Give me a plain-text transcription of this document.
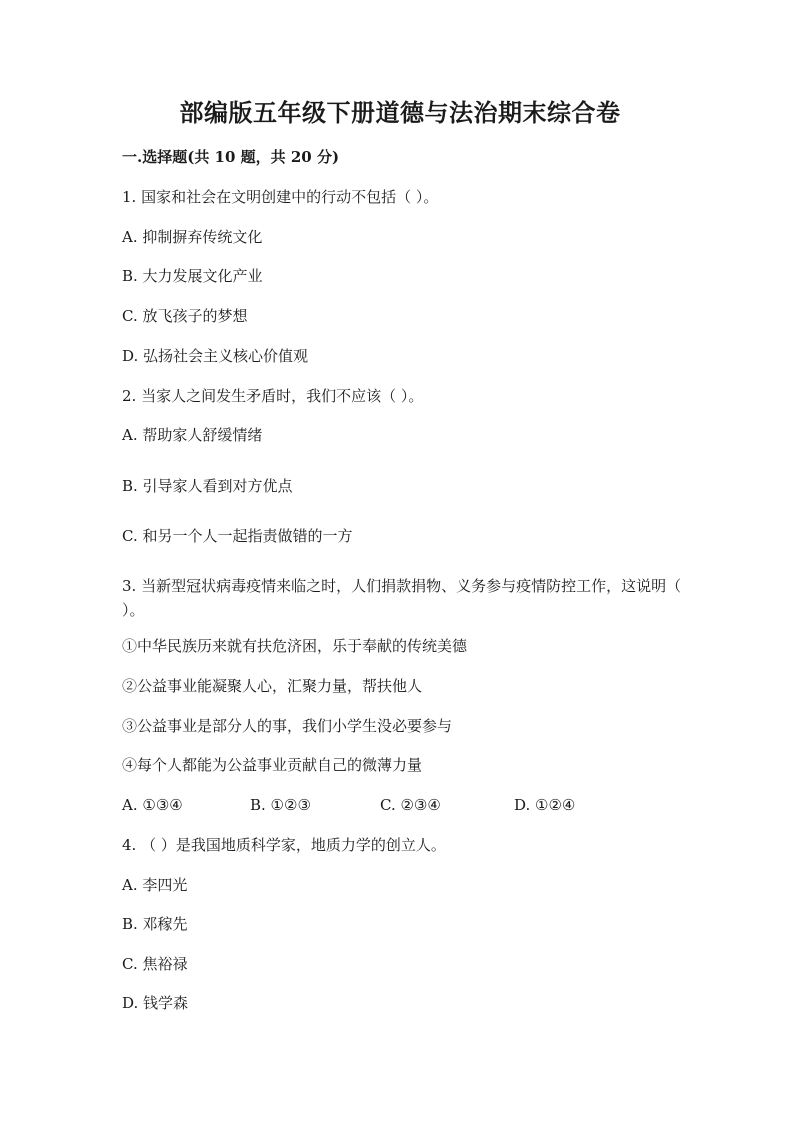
部编版五年级下册道德与法治期末综合卷
一.选择题(共 10 题，共 20 分)
1. 国家和社会在文明创建中的行动不包括（ ）。
A. 抑制摒弃传统文化
B. 大力发展文化产业
C. 放飞孩子的梦想
D. 弘扬社会主义核心价值观
2. 当家人之间发生矛盾时，我们不应该（ ）。
A. 帮助家人舒缓情绪
B. 引导家人看到对方优点
C. 和另一个人一起指责做错的一方
3. 当新型冠状病毒疫情来临之时，人们捐款捐物、义务参与疫情防控工作，这说明（ ）。
①中华民族历来就有扶危济困，乐于奉献的传统美德
②公益事业能凝聚人心，汇聚力量，帮扶他人
③公益事业是部分人的事，我们小学生没必要参与
④每个人都能为公益事业贡献自己的微薄力量
A. ①③④	B. ①②③	C. ②③④	D. ①②④
4. （ ）是我国地质科学家，地质力学的创立人。
A. 李四光
B. 邓稼先
C. 焦裕禄
D. 钱学森
